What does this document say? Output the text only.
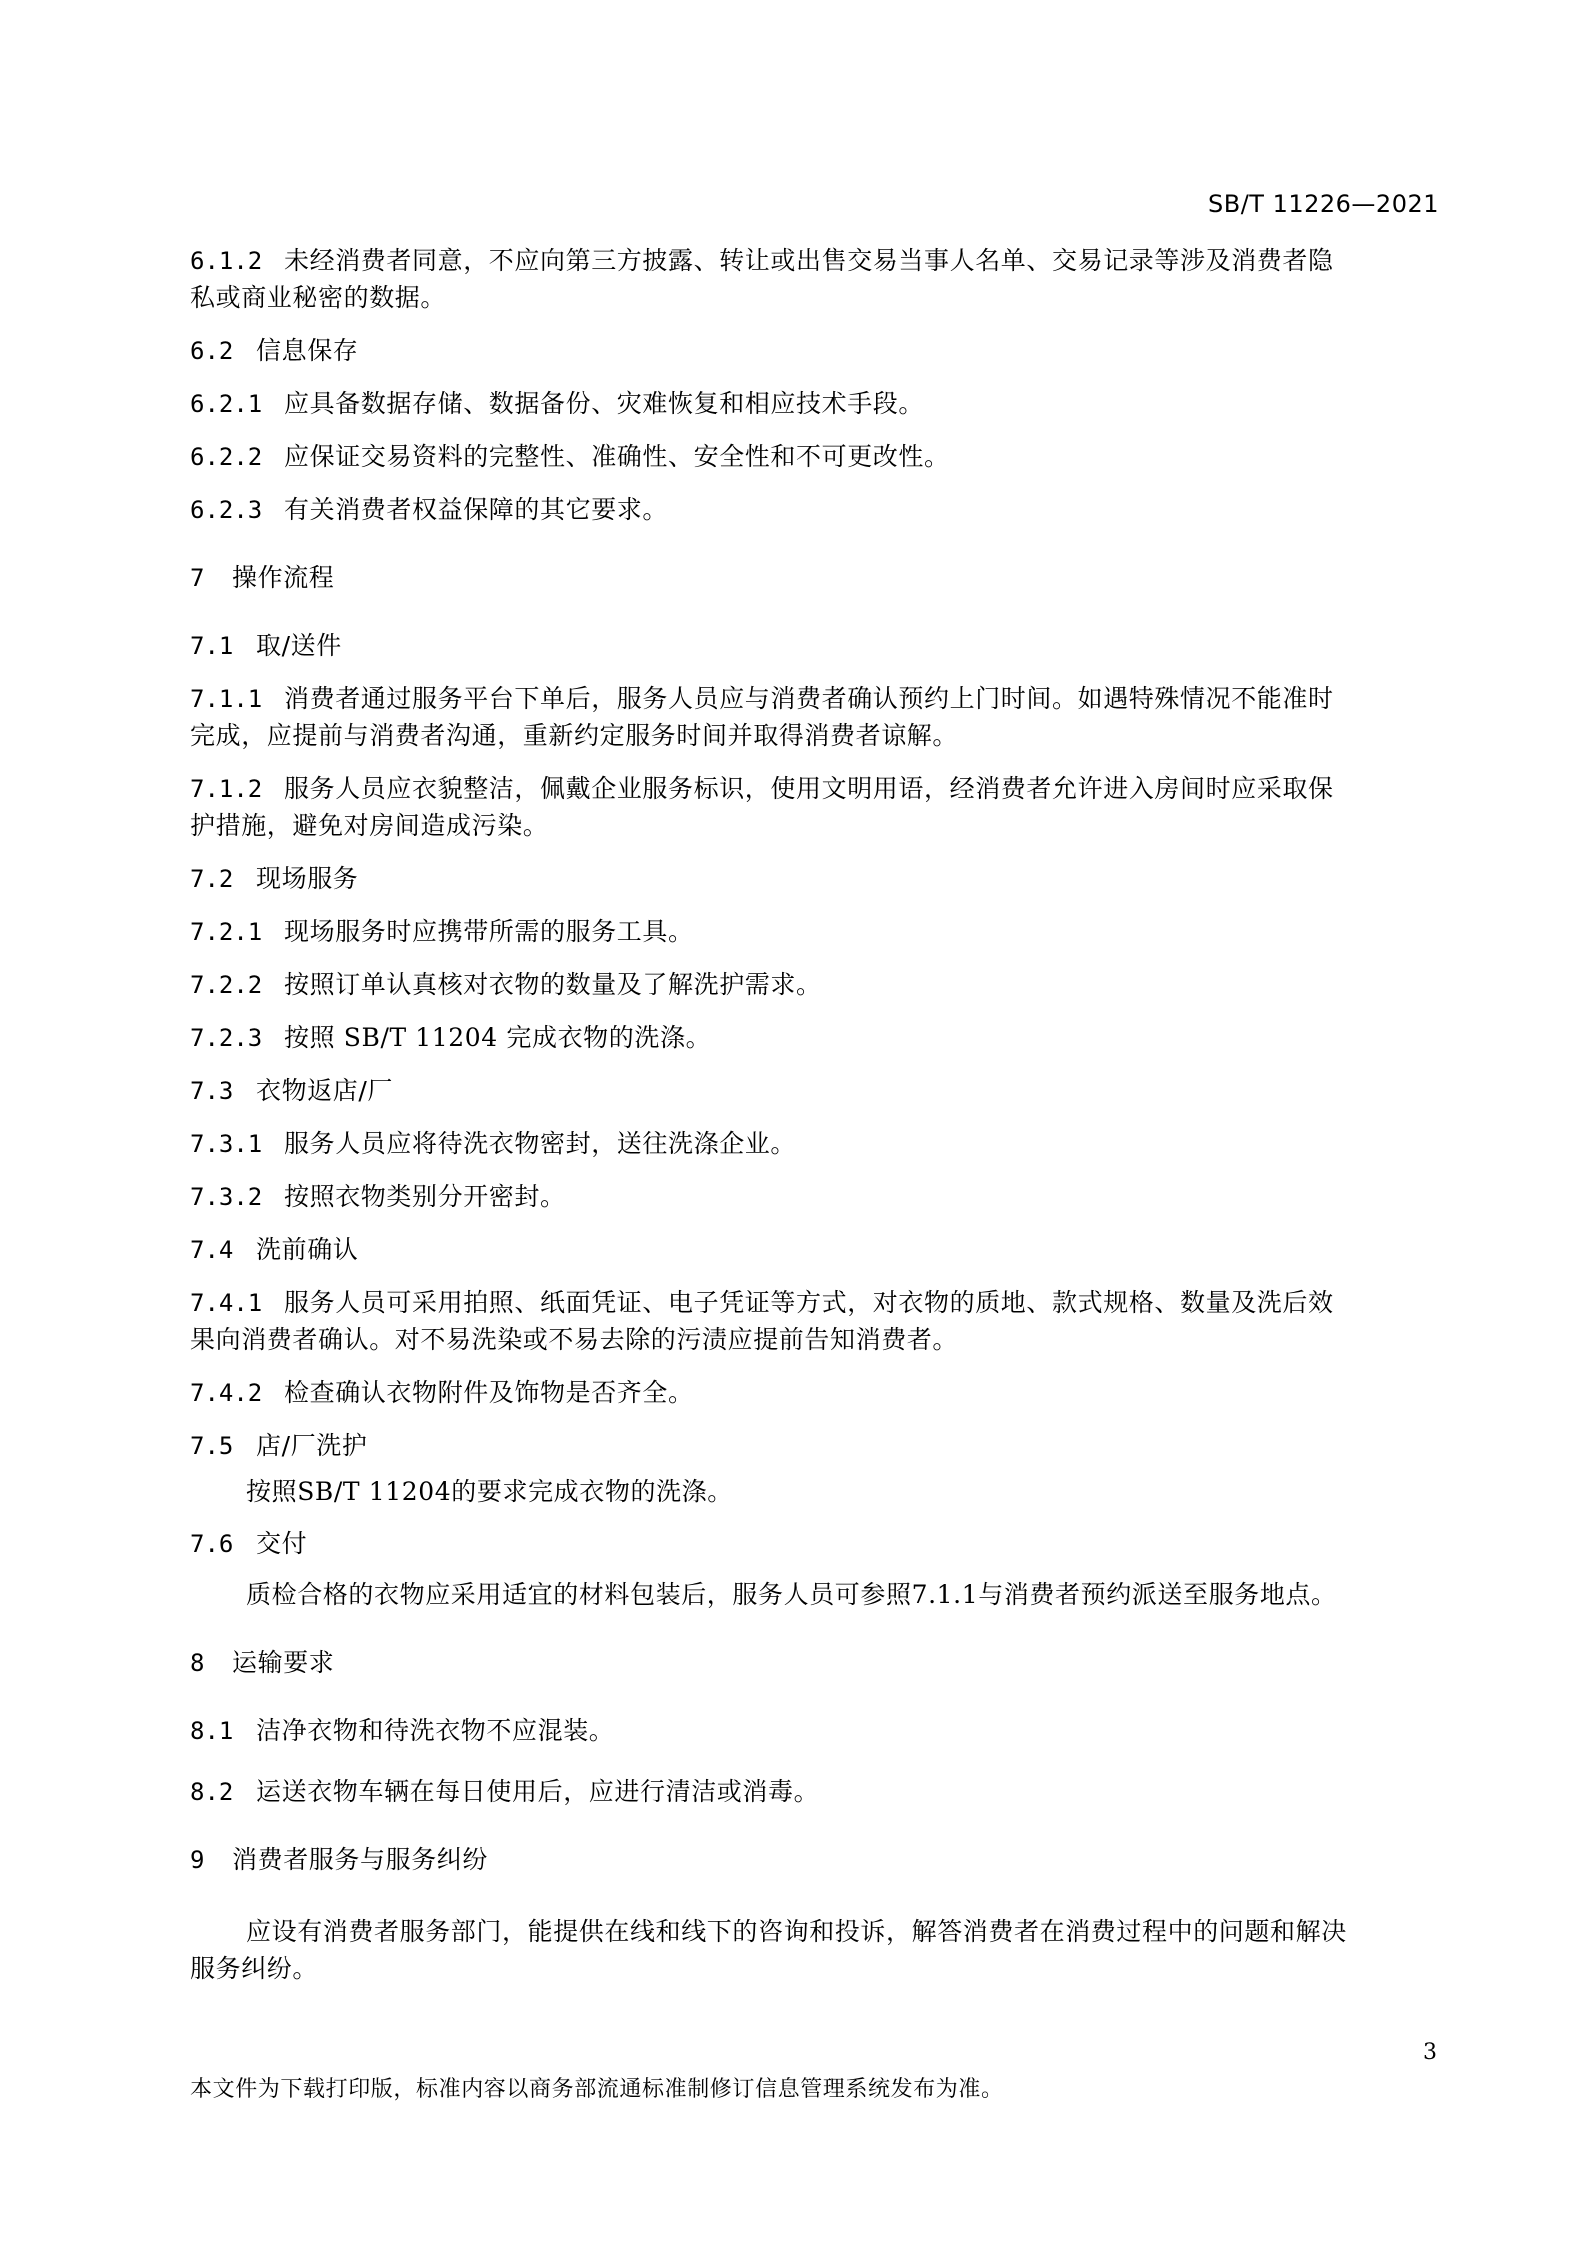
SB/T 11226—2021
6.1.2 未经消费者同意，不应向第三方披露、转让或出售交易当事人名单、交易记录等涉及消费者隐
私或商业秘密的数据。
6.2 信息保存
6.2.1 应具备数据存储、数据备份、灾难恢复和相应技术手段。
6.2.2 应保证交易资料的完整性、准确性、安全性和不可更改性。
6.2.3 有关消费者权益保障的其它要求。
7 操作流程
7.1 取/送件
7.1.1 消费者通过服务平台下单后，服务人员应与消费者确认预约上门时间。如遇特殊情况不能准时
完成，应提前与消费者沟通，重新约定服务时间并取得消费者谅解。
7.1.2 服务人员应衣貌整洁，佩戴企业服务标识，使用文明用语，经消费者允许进入房间时应采取保
护措施，避免对房间造成污染。
7.2 现场服务
7.2.1 现场服务时应携带所需的服务工具。
7.2.2 按照订单认真核对衣物的数量及了解洗护需求。
7.2.3 按照 SB/T 11204 完成衣物的洗涤。
7.3 衣物返店/厂
7.3.1 服务人员应将待洗衣物密封，送往洗涤企业。
7.3.2 按照衣物类别分开密封。
7.4 洗前确认
7.4.1 服务人员可采用拍照、纸面凭证、电子凭证等方式，对衣物的质地、款式规格、数量及洗后效
果向消费者确认。对不易洗染或不易去除的污渍应提前告知消费者。
7.4.2 检查确认衣物附件及饰物是否齐全。
7.5 店/厂洗护
按照SB/T 11204的要求完成衣物的洗涤。
7.6 交付
质检合格的衣物应采用适宜的材料包装后，服务人员可参照7.1.1与消费者预约派送至服务地点。
8 运输要求
8.1 洁净衣物和待洗衣物不应混装。
8.2 运送衣物车辆在每日使用后，应进行清洁或消毒。
9 消费者服务与服务纠纷
应设有消费者服务部门，能提供在线和线下的咨询和投诉，解答消费者在消费过程中的问题和解决
服务纠纷。
3
本文件为下载打印版，标准内容以商务部流通标准制修订信息管理系统发布为准。
